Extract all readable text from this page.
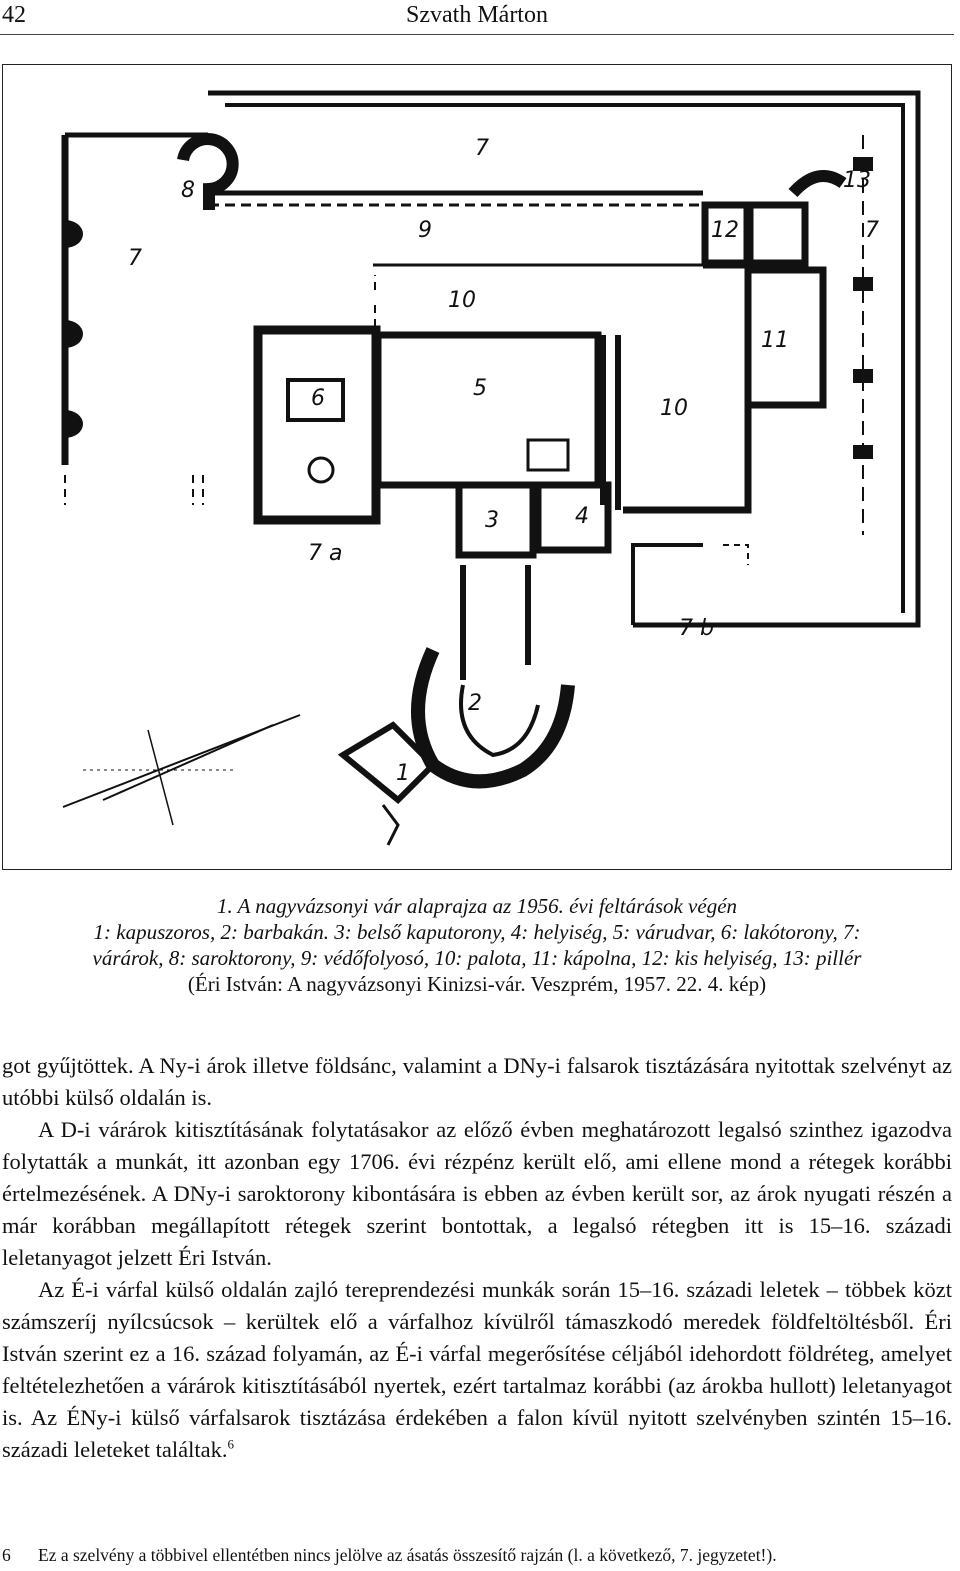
42	Szvath Márton
7
8
9	12
13
7
7
10
11
6	5
10
3	4
7 a
7 b
2
1
1. A nagyvázsonyi vár alaprajza az 1956. évi feltárások végén
1: kapuszoros, 2: barbakán. 3: belső kaputorony, 4: helyiség, 5: várudvar, 6: lakótorony, 7:
várárok, 8: saroktorony, 9: védőfolyosó, 10: palota, 11: kápolna, 12: kis helyiség, 13: pillér
(Éri István: A nagyvázsonyi Kinizsi-vár. Veszprém, 1957. 22. 4. kép)

got gyűjtöttek. A Ny-i árok illetve földsánc, valamint a DNy-i falsarok tisztázására nyitottak szelvényt az utóbbi külső oldalán is.

A D-i várárok kitisztításának folytatásakor az előző évben meghatározott legalsó szinthez igazodva folytatták a munkát, itt azonban egy 1706. évi rézpénz került elő, ami ellene mond a rétegek korábbi értelmezésének. A DNy-i saroktorony kibontására is ebben az évben került sor, az árok nyugati részén a már korábban megállapított rétegek szerint bontottak, a legalsó rétegben itt is 15–16. századi leletanyagot jelzett Éri István.

Az É-i várfal külső oldalán zajló tereprendezési munkák során 15–16. századi leletek – többek közt számszeríj nyílcsúcsok – kerültek elő a várfalhoz kívülről támaszkodó meredek földfeltöltésből. Éri István szerint ez a 16. század folyamán, az É-i várfal megerősítése céljából idehordott földréteg, amelyet feltételezhetően a várárok kitisztításából nyertek, ezért tartalmaz korábbi (az árokba hullott) leletanyagot is. Az ÉNy-i külső várfalsarok tisztázása érdekében a falon kívül nyitott szelvényben szintén 15–16. századi leleteket találtak.$^6$

6 Ez a szelvény a többivel ellentétben nincs jelölve az ásatás összesítő rajzán (l. a következő, 7. jegyzetet!).
